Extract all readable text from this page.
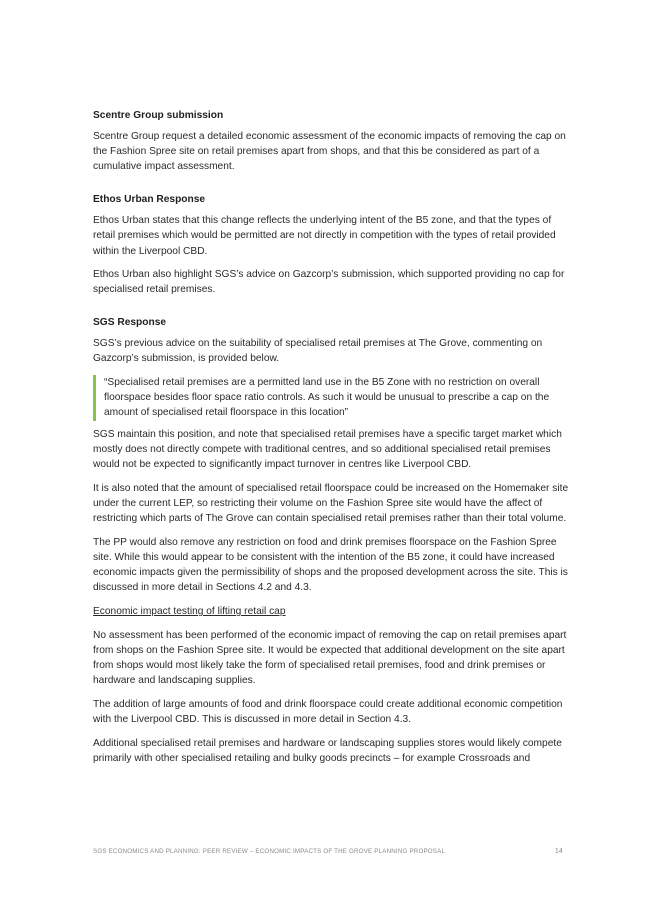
Scentre Group submission

Scentre Group request a detailed economic assessment of the economic impacts of removing the cap on the Fashion Spree site on retail premises apart from shops, and that this be considered as part of a cumulative impact assessment.

Ethos Urban Response

Ethos Urban states that this change reflects the underlying intent of the B5 zone, and that the types of retail premises which would be permitted are not directly in competition with the types of retail provided within the Liverpool CBD.

Ethos Urban also highlight SGS’s advice on Gazcorp’s submission, which supported providing no cap for specialised retail premises.

SGS Response

SGS’s previous advice on the suitability of specialised retail premises at The Grove, commenting on Gazcorp’s submission, is provided below.

“Specialised retail premises are a permitted land use in the B5 Zone with no restriction on overall floorspace besides floor space ratio controls. As such it would be unusual to prescribe a cap on the amount of specialised retail floorspace in this location”

SGS maintain this position, and note that specialised retail premises have a specific target market which mostly does not directly compete with traditional centres, and so additional specialised retail premises would not be expected to significantly impact turnover in centres like Liverpool CBD.

It is also noted that the amount of specialised retail floorspace could be increased on the Homemaker site under the current LEP, so restricting their volume on the Fashion Spree site would have the affect of restricting which parts of The Grove can contain specialised retail premises rather than their total volume.

The PP would also remove any restriction on food and drink premises floorspace on the Fashion Spree site. While this would appear to be consistent with the intention of the B5 zone, it could have increased economic impacts given the permissibility of shops and the proposed development across the site. This is discussed in more detail in Sections 4.2 and 4.3.

Economic impact testing of lifting retail cap

No assessment has been performed of the economic impact of removing the cap on retail premises apart from shops on the Fashion Spree site. It would be expected that additional development on the site apart from shops would most likely take the form of specialised retail premises, food and drink premises or hardware and landscaping supplies.

The addition of large amounts of food and drink floorspace could create additional economic competition with the Liverpool CBD. This is discussed in more detail in Section 4.3.

Additional specialised retail premises and hardware or landscaping supplies stores would likely compete primarily with other specialised retailing and bulky goods precincts – for example Crossroads and

SGS ECONOMICS AND PLANNING: PEER REVIEW – ECONOMIC IMPACTS OF THE GROVE PLANNING PROPOSAL	14
